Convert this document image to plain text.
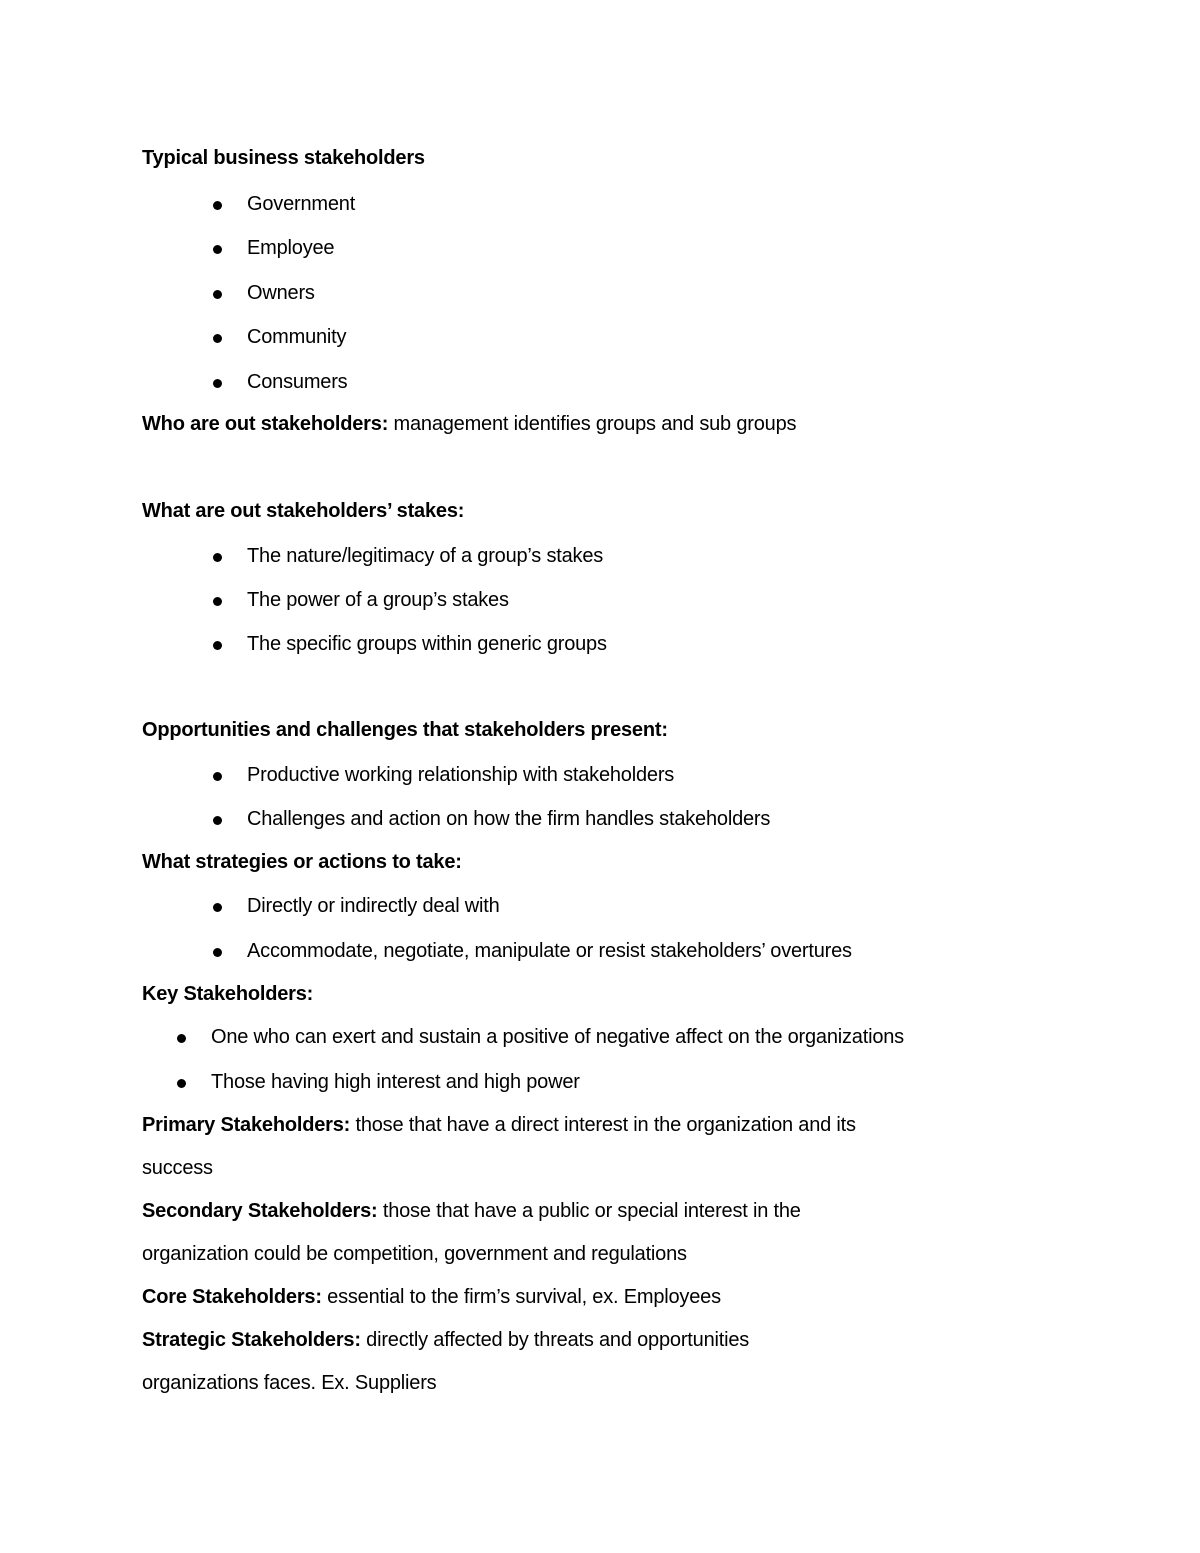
Typical business stakeholders
Government
Employee
Owners
Community
Consumers
Who are out stakeholders: management identifies groups and sub groups
What are out stakeholders’ stakes:
The nature/legitimacy of a group’s stakes
The power of a group’s stakes
The specific groups within generic groups
Opportunities and challenges that stakeholders present:
Productive working relationship with stakeholders
Challenges and action on how the firm handles stakeholders
What strategies or actions to take:
Directly or indirectly deal with
Accommodate, negotiate, manipulate or resist stakeholders’ overtures
Key Stakeholders:
One who can exert and sustain a positive of negative affect on the organizations
Those having high interest and high power
Primary Stakeholders: those that have a direct interest in the organization and its
success
Secondary Stakeholders: those that have a public or special interest in the
organization could be competition, government and regulations
Core Stakeholders: essential to the firm’s survival, ex. Employees
Strategic Stakeholders: directly affected by threats and opportunities
organizations faces. Ex. Suppliers
